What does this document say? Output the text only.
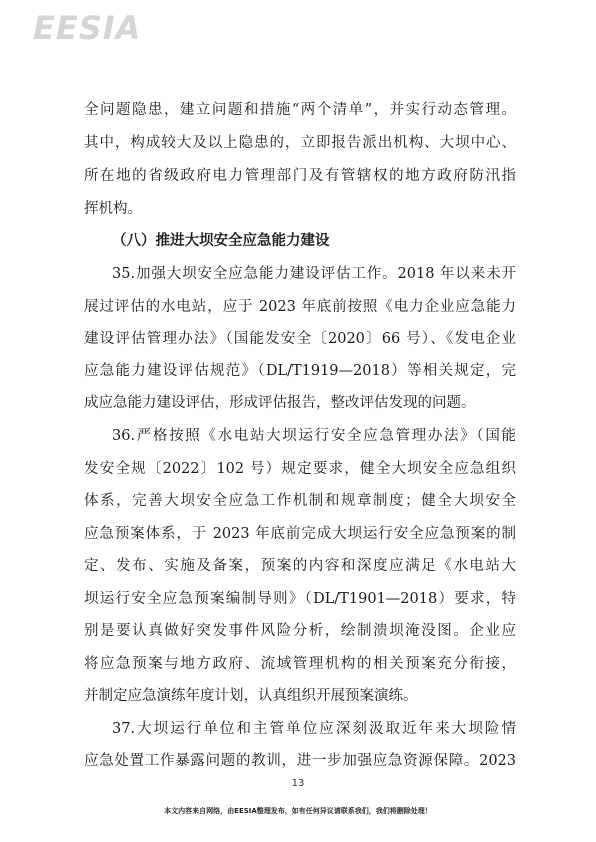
EESIA
全问题隐患，建立问题和措施“两个清单”，并实行动态管理。
其中，构成较大及以上隐患的，立即报告派出机构、大坝中心、
所在地的省级政府电力管理部门及有管辖权的地方政府防汛指
挥机构。
（八）推进大坝安全应急能力建设
35.加强大坝安全应急能力建设评估工作。2018 年以来未开
展过评估的水电站，应于 2023 年底前按照《电力企业应急能力
建设评估管理办法》（国能发安全〔2020〕66 号）、《发电企业
应急能力建设评估规范》（DL/T1919—2018）等相关规定，完
成应急能力建设评估，形成评估报告，整改评估发现的问题。
36.严格按照《水电站大坝运行安全应急管理办法》（国能
发安全规〔2022〕102 号）规定要求，健全大坝安全应急组织
体系，完善大坝安全应急工作机制和规章制度；健全大坝安全
应急预案体系，于 2023 年底前完成大坝运行安全应急预案的制
定、发布、实施及备案，预案的内容和深度应满足《水电站大
坝运行安全应急预案编制导则》（DL/T1901—2018）要求，特
别是要认真做好突发事件风险分析，绘制溃坝淹没图。企业应
将应急预案与地方政府、流域管理机构的相关预案充分衔接，
并制定应急演练年度计划，认真组织开展预案演练。
37.大坝运行单位和主管单位应深刻汲取近年来大坝险情
应急处置工作暴露问题的教训，进一步加强应急资源保障。2023
13
本文内容来自网络，由EESIA整理发布，如有任何异议请联系我们，我们将删除处理！
